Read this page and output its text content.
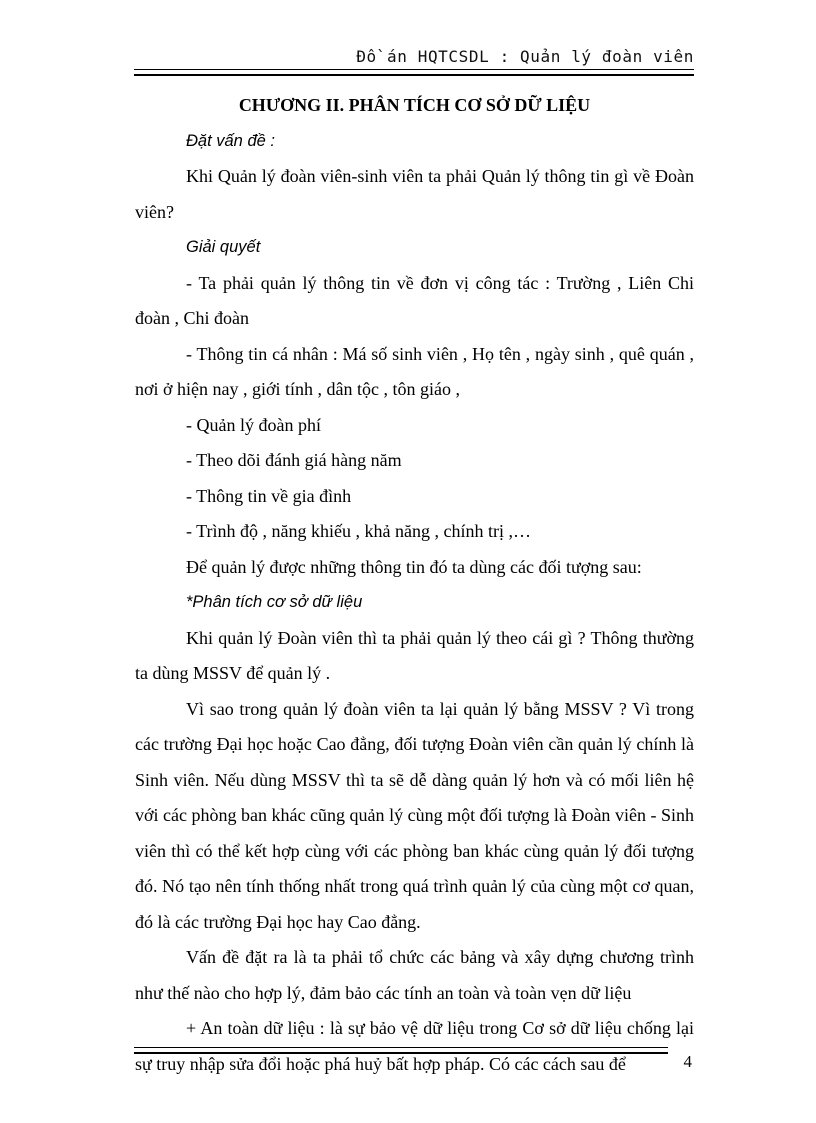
Đồ án HQTCSDL : Quản lý đoàn viên

CHƯƠNG II. PHÂN TÍCH CƠ SỞ DỮ LIỆU

Đặt vấn đề :

Khi Quản lý đoàn viên-sinh viên ta phải Quản lý thông tin gì về Đoàn viên?

Giải quyết

- Ta phải quản lý thông tin về đơn vị công tác : Trường , Liên Chi đoàn , Chi đoàn

- Thông tin cá nhân : Má số sinh viên , Họ tên , ngày sinh , quê quán , nơi ở hiện nay , giới tính , dân tộc , tôn giáo ,

- Quản lý đoàn phí

- Theo dõi đánh giá hàng năm

- Thông tin về gia đình

- Trình độ , năng khiếu , khả năng , chính trị ,…

Để quản lý được những thông tin đó ta dùng các đối tượng sau:

*Phân tích cơ sở dữ liệu

Khi quản lý Đoàn viên thì ta phải quản lý theo cái gì ? Thông thường ta dùng MSSV để quản lý .

Vì sao trong quản lý đoàn viên ta lại quản lý bằng MSSV ? Vì trong các trường Đại học hoặc Cao đẳng, đối tượng Đoàn viên cần quản lý chính là Sinh viên. Nếu dùng MSSV thì ta sẽ dễ dàng quản lý hơn và có mối liên hệ với các phòng ban khác cũng quản lý cùng một đối tượng là Đoàn viên - Sinh viên thì có thể kết hợp cùng với các phòng ban khác cùng quản lý đối tượng đó. Nó tạo nên tính thống nhất trong quá trình quản lý của cùng một cơ quan, đó là các trường Đại học hay Cao đẳng.

Vấn đề đặt ra là ta phải tổ chức các bảng và xây dựng chương trình như thế nào cho hợp lý, đảm bảo các tính an toàn và toàn vẹn dữ liệu

+ An toàn dữ liệu : là sự bảo vệ dữ liệu trong Cơ sở dữ liệu chống lại sự truy nhập sửa đổi hoặc phá huỷ bất hợp pháp. Có các cách sau để	4
